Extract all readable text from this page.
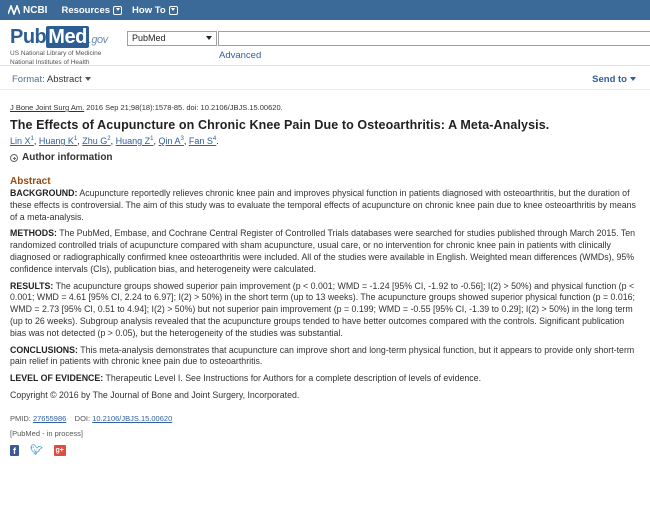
NCBI Resources How To
Pub Med .gov
US National Library of Medicine
National Institutes of Health
PubMed
Advanced
Format: Abstract	Send to
J Bone Joint Surg Am. 2016 Sep 21;98(18):1578-85. doi: 10.2106/JBJS.15.00620.
The Effects of Acupuncture on Chronic Knee Pain Due to Osteoarthritis: A Meta-Analysis.
Lin $X^1$, Huang $K^1$, Zhu $G^2$, Huang $Z^1$, Qin $A^3$, Fan $S^4$.
Author information
Abstract

BACKGROUND: Acupuncture reportedly relieves chronic knee pain and improves physical function in patients diagnosed with osteoarthritis, but the duration of these effects is controversial. The aim of this study was to evaluate the temporal effects of acupuncture on chronic knee pain due to knee osteoarthritis by means of a meta-analysis.

METHODS: The PubMed, Embase, and Cochrane Central Register of Controlled Trials databases were searched for studies published through March 2015. Ten randomized controlled trials of acupuncture compared with sham acupuncture, usual care, or no intervention for chronic knee pain in patients with clinically diagnosed or radiographically confirmed knee osteoarthritis were included. All of the studies were available in English. Weighted mean differences (WMDs), 95% confidence intervals (CIs), publication bias, and heterogeneity were calculated.

RESULTS: The acupuncture groups showed superior pain improvement (p < 0.001; WMD = -1.24 [95% CI, -1.92 to -0.56]; I(2) > 50%) and physical function (p < 0.001; WMD = 4.61 [95% CI, 2.24 to 6.97]; I(2) > 50%) in the short term (up to 13 weeks). The acupuncture groups showed superior physical function (p = 0.016; WMD = 2.73 [95% CI, 0.51 to 4.94]; I(2) > 50%) but not superior pain improvement (p = 0.199; WMD = -0.55 [95% CI, -1.39 to 0.29]; I(2) > 50%) in the long term (up to 26 weeks). Subgroup analysis revealed that the acupuncture groups tended to have better outcomes compared with the controls. Significant publication bias was not detected (p > 0.05), but the heterogeneity of the studies was substantial.

CONCLUSIONS: This meta-analysis demonstrates that acupuncture can improve short and long-term physical function, but it appears to provide only short-term pain relief in patients with chronic knee pain due to osteoarthritis.

LEVEL OF EVIDENCE: Therapeutic Level I. See Instructions for Authors for a complete description of levels of evidence.

Copyright © 2016 by The Journal of Bone and Joint Surgery, Incorporated.
PMID: 27655986 DOI: 10.2106/JBJS.15.00620
[PubMed - in process]
f	🐦︎ g+
